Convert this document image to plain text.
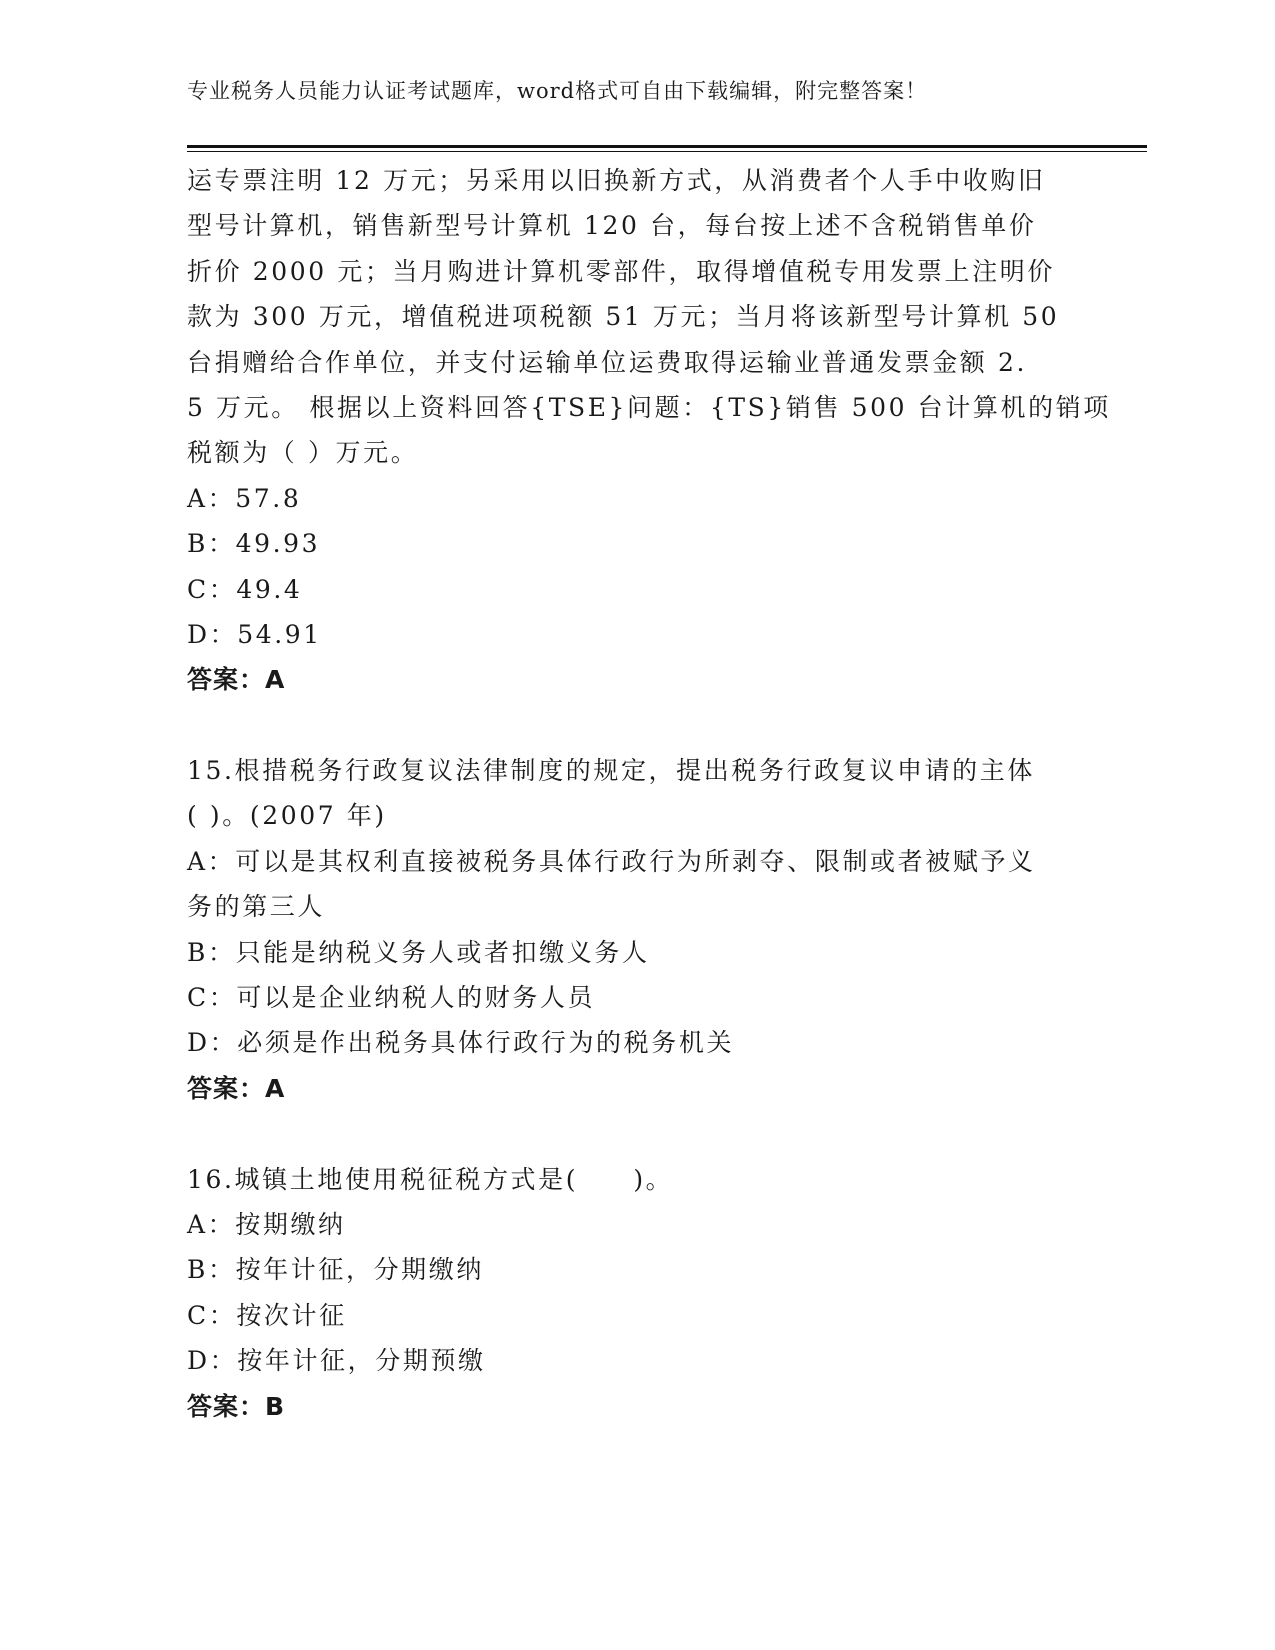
专业税务人员能力认证考试题库，word格式可自由下载编辑，附完整答案！
运专票注明 12 万元；另采用以旧换新方式，从消费者个人手中收购旧
型号计算机，销售新型号计算机 120 台，每台按上述不含税销售单价
折价 2000 元；当月购进计算机零部件，取得增值税专用发票上注明价
款为 300 万元，增值税进项税额 51 万元；当月将该新型号计算机 50
台捐赠给合作单位，并支付运输单位运费取得运输业普通发票金额 2.
5 万元。 根据以上资料回答{TSE}问题：{TS}销售 500 台计算机的销项
税额为（ ）万元。
A：57.8
B：49.93
C：49.4
D：54.91
答案：A
15.根措税务行政复议法律制度的规定，提出税务行政复议申请的主体
( )。(2007 年)
A：可以是其权利直接被税务具体行政行为所剥夺、限制或者被赋予义
务的第三人
B：只能是纳税义务人或者扣缴义务人
C：可以是企业纳税人的财务人员
D：必须是作出税务具体行政行为的税务机关
答案：A
16.城镇土地使用税征税方式是(　　)。
A：按期缴纳
B：按年计征，分期缴纳
C：按次计征
D：按年计征，分期预缴
答案：B
